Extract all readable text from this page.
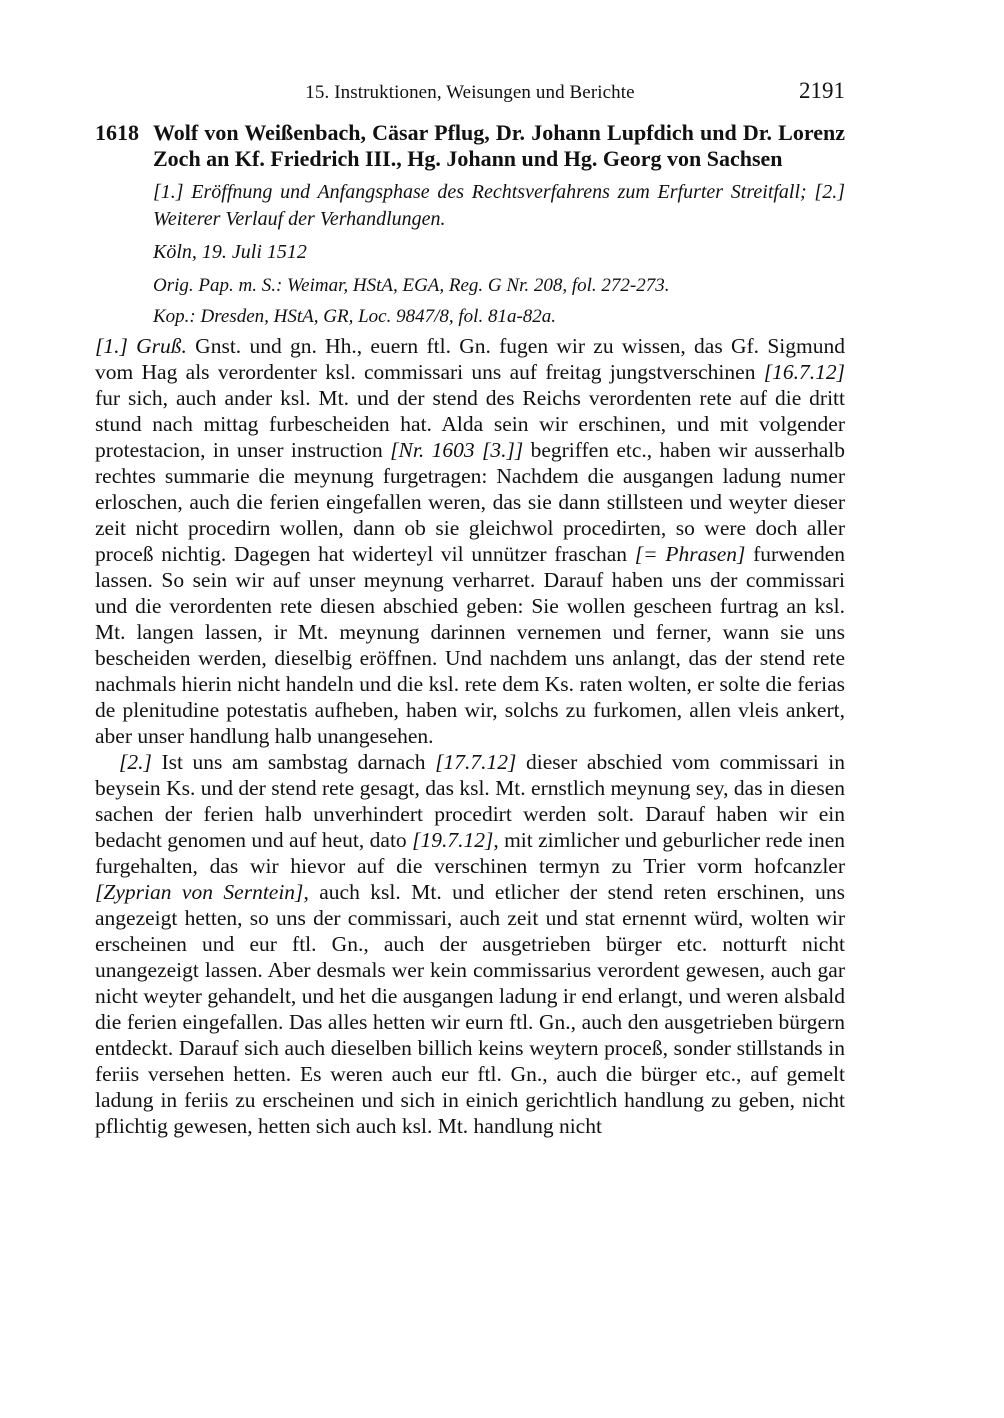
15. Instruktionen, Weisungen und Berichte	2191
1618 Wolf von Weißenbach, Cäsar Pflug, Dr. Johann Lupfdich und Dr. Lorenz Zoch an Kf. Friedrich III., Hg. Johann und Hg. Georg von Sachsen
[1.] Eröffnung und Anfangsphase des Rechtsverfahrens zum Erfurter Streitfall; [2.] Weiterer Verlauf der Verhandlungen.
Köln, 19. Juli 1512
Orig. Pap. m. S.: Weimar, HStA, EGA, Reg. G Nr. 208, fol. 272-273.
Kop.: Dresden, HStA, GR, Loc. 9847/8, fol. 81a-82a.

[1.] Gruß. Gnst. und gn. Hh., euern ftl. Gn. fugen wir zu wissen, das Gf. Sigmund vom Hag als verordenter ksl. commissari uns auf freitag jungstverschinen [16.7.12] fur sich, auch ander ksl. Mt. und der stend des Reichs verordenten rete auf die dritt stund nach mittag furbescheiden hat. Alda sein wir erschinen, und mit volgender protestacion, in unser instruction [Nr. 1603 [3.]] begriffen etc., haben wir ausserhalb rechtes summarie die meynung furgetragen: Nachdem die ausgangen ladung numer erloschen, auch die ferien eingefallen weren, das sie dann stillsteen und weyter dieser zeit nicht procedirn wollen, dann ob sie gleichwol procedirten, so were doch aller proceß nichtig. Dagegen hat widerteyl vil unnützer fraschan [= Phrasen] furwenden lassen. So sein wir auf unser meynung verharret. Darauf haben uns der commissari und die verordenten rete diesen abschied geben: Sie wollen gescheen furtrag an ksl. Mt. langen lassen, ir Mt. meynung darinnen vernemen und ferner, wann sie uns bescheiden werden, dieselbig eröffnen. Und nachdem uns anlangt, das der stend rete nachmals hierin nicht handeln und die ksl. rete dem Ks. raten wolten, er solte die ferias de plenitudine potestatis aufheben, haben wir, solchs zu furkomen, allen vleis ankert, aber unser handlung halb unangesehen.

[2.] Ist uns am sambstag darnach [17.7.12] dieser abschied vom commissari in beysein Ks. und der stend rete gesagt, das ksl. Mt. ernstlich meynung sey, das in diesen sachen der ferien halb unverhindert procedirt werden solt. Darauf haben wir ein bedacht genomen und auf heut, dato [19.7.12], mit zimlicher und geburlicher rede inen furgehalten, das wir hievor auf die verschinen termyn zu Trier vorm hofcanzler [Zyprian von Serntein], auch ksl. Mt. und etlicher der stend reten erschinen, uns angezeigt hetten, so uns der commissari, auch zeit und stat ernennt würd, wolten wir erscheinen und eur ftl. Gn., auch der ausgetrieben bürger etc. notturft nicht unangezeigt lassen. Aber desmals wer kein commissarius verordent gewesen, auch gar nicht weyter gehandelt, und het die ausgangen ladung ir end erlangt, und weren alsbald die ferien eingefallen. Das alles hetten wir eurn ftl. Gn., auch den ausgetrieben bürgern entdeckt. Darauf sich auch dieselben billich keins weytern proceß, sonder stillstands in feriis versehen hetten. Es weren auch eur ftl. Gn., auch die bürger etc., auf gemelt ladung in feriis zu erscheinen und sich in einich gerichtlich handlung zu geben, nicht pflichtig gewesen, hetten sich auch ksl. Mt. handlung nicht
